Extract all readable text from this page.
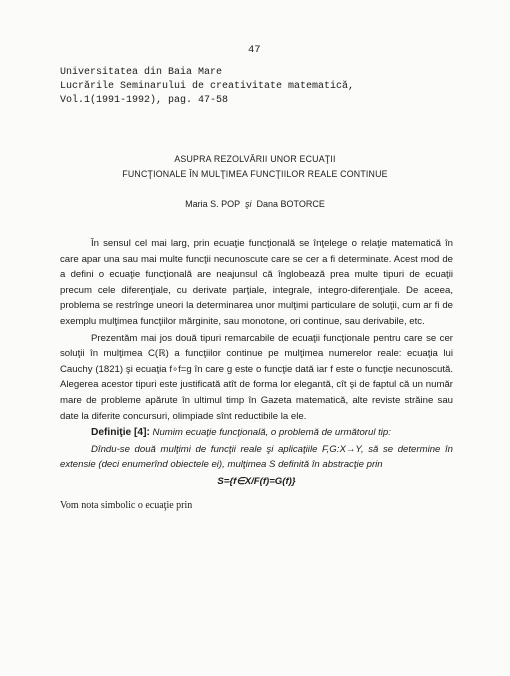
47
Universitatea din Baia Mare
Lucrările Seminarului de creativitate matematică,
Vol.1(1991-1992), pag. 47-58
ASUPRA REZOLVĂRII UNOR ECUAŢII
FUNCŢIONALE ÎN MULŢIMEA FUNCŢIILOR REALE CONTINUE
Maria S. POP şi Dana BOTORCE

În sensul cel mai larg, prin ecuaţie funcţională se înţelege o relaţie matematică în care apar una sau mai multe funcţii necunoscute care se cer a fi determinate. Acest mod de a defini o ecuaţie funcţională are neajunsul că înglobează prea multe tipuri de ecuaţii precum cele diferenţiale, cu derivate parţiale, integrale, integro-diferenţiale. De aceea, problema se restrînge uneori la determinarea unor mulţimi particulare de soluţii, cum ar fi de exemplu mulţimea funcţiilor mărginite, sau monotone, ori continue, sau derivabile, etc.

Prezentăm mai jos două tipuri remarcabile de ecuaţii funcţionale pentru care se cer soluţii în mulţimea C(ℝ) a funcţiilor continue pe mulţimea numerelor reale: ecuaţia lui Cauchy (1821) şi ecuaţia f∘f=g în care g este o funcţie dată iar f este o funcţie necunoscută. Alegerea acestor tipuri este justificată atît de forma lor elegantă, cît şi de faptul că un număr mare de probleme apărute în ultimul timp în Gazeta matematică, alte reviste străine sau date la diferite concursuri, olimpiade sînt reductibile la ele.

Definiţie [4]: Numim ecuaţie funcţională, o problemă de următorul tip:

Dîndu-se două mulţimi de funcţii reale şi aplicaţiile F,G:X→Y, să se determine în extensie (deci enumerînd obiectele ei), mulţimea S definită în abstracţie prin

S={f∈X/F(f)=G(f)}
Vom nota simbolic o ecuaţie prin
